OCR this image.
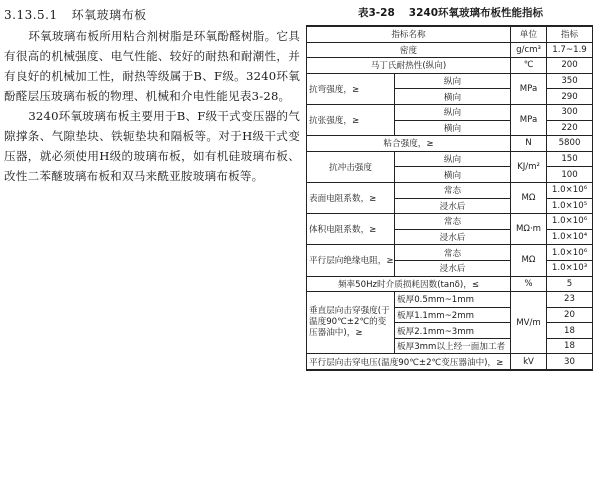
3.13.5.1 环氧玻璃布板

环氧玻璃布板所用粘合剂树脂是环氧酚醛树脂。它具有很高的机械强度、电气性能、较好的耐热和耐潮性，并有良好的机械加工性，耐热等级属于B、F级。3240环氧酚醛层压玻璃布板的物理、机械和介电性能见表3-28。

3240环氧玻璃布板主要用于B、F级干式变压器的气隙撑条、气隙垫块、铁轭垫块和隔板等。对于H级干式变压器，就必须使用H级的玻璃布板，如有机硅玻璃布板、改性二苯醚玻璃布板和双马来酰亚胺玻璃布板等。

表3-28 3240环氧玻璃布板性能指标
指标名称		单位	指标
密度		g/cm³	1.7~1.9
马丁氏耐热性(纵向)		℃	200
抗弯强度，≥	纵向	MPa	350
	横向		290
抗张强度，≥	纵向	MPa	300
	横向		220
粘合强度，≥		N	5800
抗冲击强度	纵向	KJ/m²	150
	横向		100
表面电阻系数，≥	常态	MΩ	1.0×10⁶
	浸水后		1.0×10⁵
体积电阻系数，≥	常态	MΩ·m	1.0×10⁶
	浸水后		1.0×10⁴
平行层向绝缘电阻，≥	常态	MΩ	1.0×10⁶
	浸水后		1.0×10³
频率50Hz时介质损耗因数(tanδ)，≤		%	5
垂直层向击穿强度(于温度90℃±2℃的变压器油中)，≥	板厚0.5mm~1mm	MV/m	23
	板厚1.1mm~2mm		20
	板厚2.1mm~3mm		18
	板厚3mm以上经一面加工者		18
平行层向击穿电压(温度90℃±2℃变压器油中)，≥		kV	30
